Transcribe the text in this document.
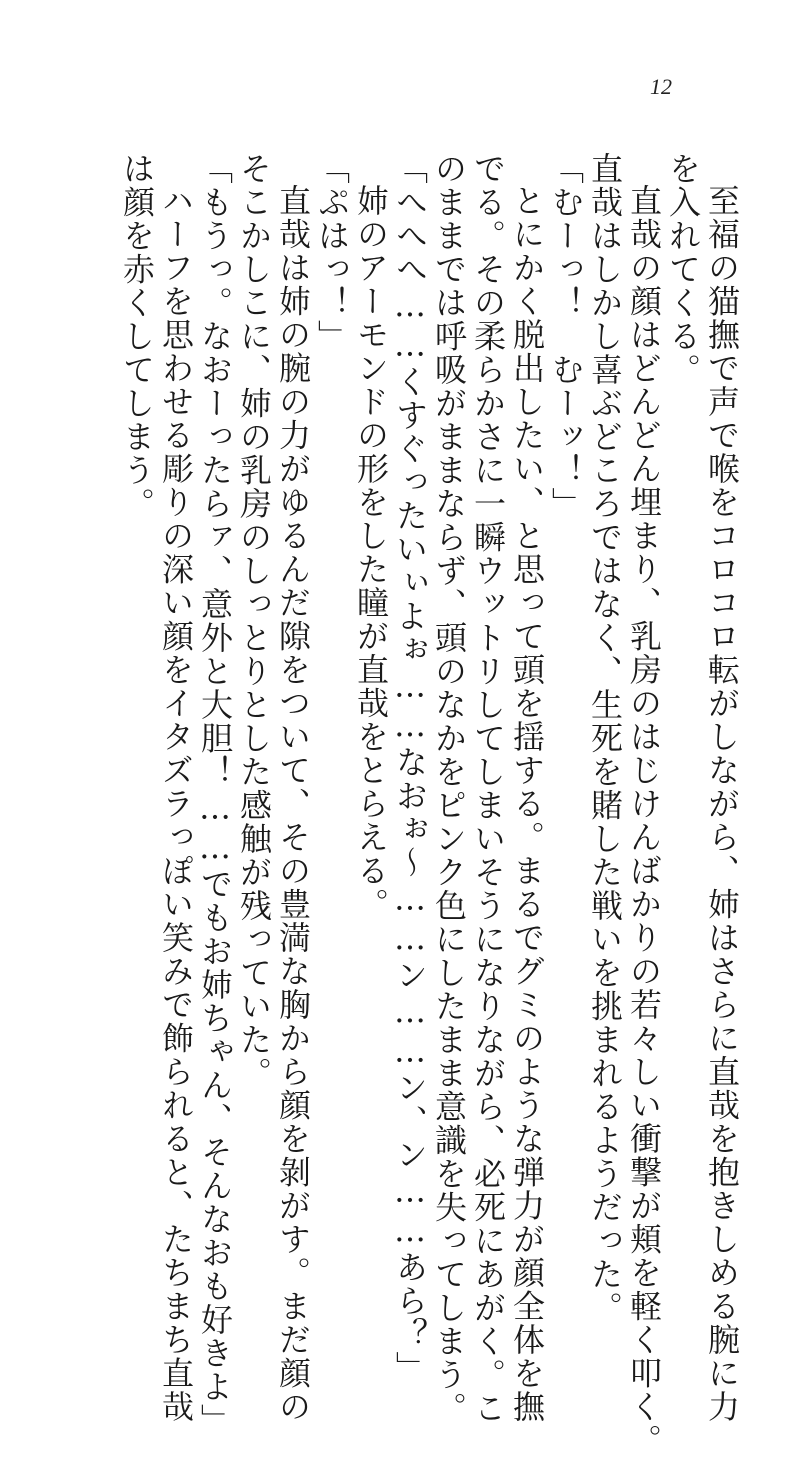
12
至福の猫撫で声で喉をコロコロ転がしながら、姉はさらに直哉を抱きしめる腕に力
を入れてくる。
直哉の顔はどんどん埋まり、乳房のはじけんばかりの若々しい衝撃が頬を軽く叩く。
直哉はしかし喜ぶどころではなく、生死を賭した戦いを挑まれるようだった。
「むーっ！　むーッ！」
とにかく脱出したい、と思って頭を揺する。まるでグミのような弾力が顔全体を撫
でる。その柔らかさに一瞬ウットリしてしまいそうになりながら、必死にあがく。こ
のままでは呼吸がままならず、頭のなかをピンク色にしたまま意識を失ってしまう。
「へへへ……くすぐったいぃよぉ……なおぉ～……ン……ン、ン……あら？」
姉のアーモンドの形をした瞳が直哉をとらえる。
「ぷはっ！」
直哉は姉の腕の力がゆるんだ隙をついて、その豊満な胸から顔を剝がす。まだ顔の
そこかしこに、姉の乳房のしっとりとした感触が残っていた。
「もうっ。なおーったらァ、意外と大胆！……でもお姉ちゃん、そんなおも好きよ」
ハーフを思わせる彫りの深い顔をイタズラっぽい笑みで飾られると、たちまち直哉
は顔を赤くしてしまう。
